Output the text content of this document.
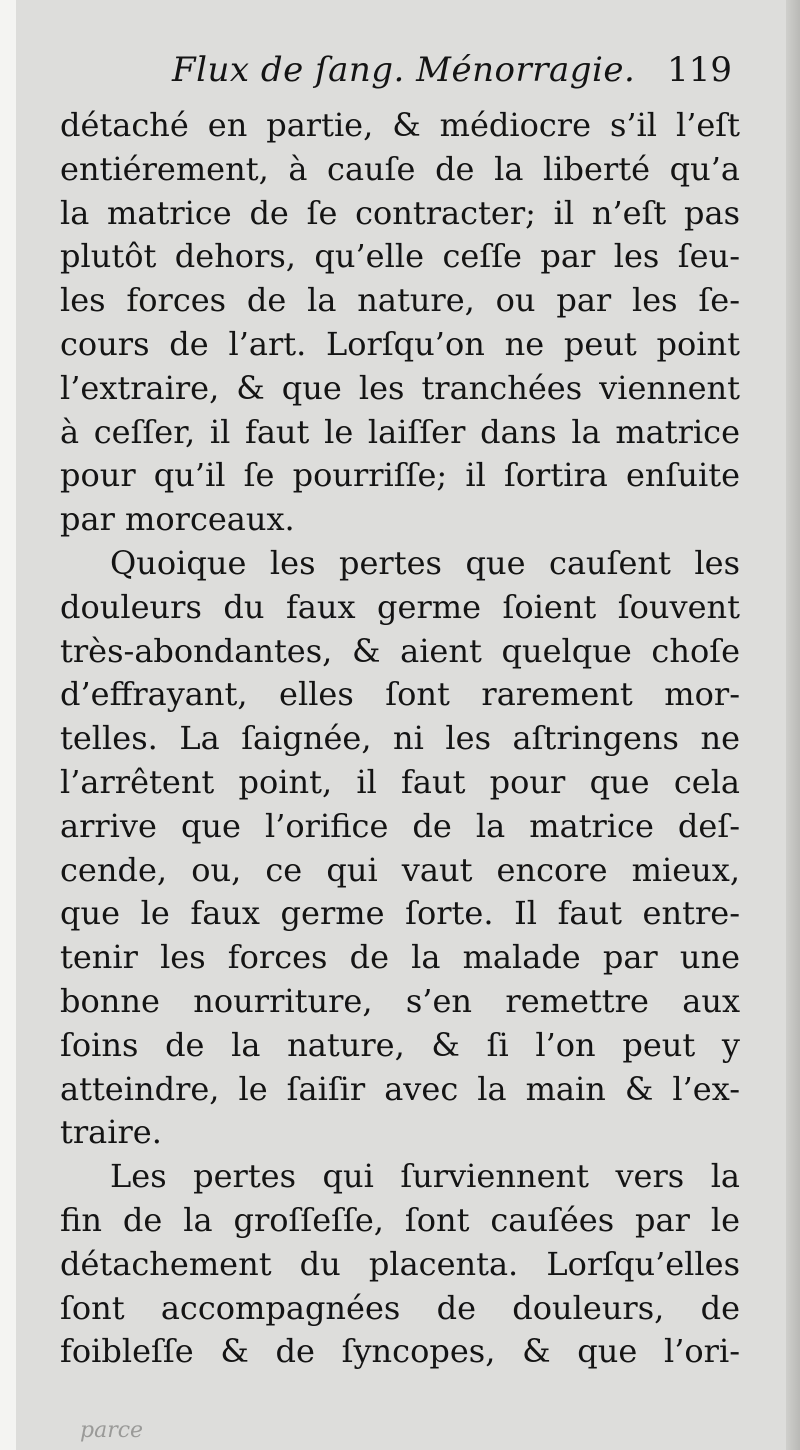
Flux de ſang. Ménorragie. 119
détaché en partie, & médiocre s’il l’eſt
entiérement, à cauſe de la liberté qu’a
la matrice de ſe contracter; il n’eſt pas
plutôt dehors, qu’elle ceſſe par les ſeu-
les forces de la nature, ou par les ſe-
cours de l’art. Lorſqu’on ne peut point
l’extraire, & que les tranchées viennent
à ceſſer, il faut le laiſſer dans la matrice
pour qu’il ſe pourriſſe; il ſortira enſuite
par morceaux.
Quoique les pertes que cauſent les
douleurs du faux germe ſoient ſouvent
très-abondantes, & aient quelque choſe
d’effrayant, elles ſont rarement mor-
telles. La ſaignée, ni les aſtringens ne
l’arrêtent point, il faut pour que cela
arrive que l’orifice de la matrice deſ-
cende, ou, ce qui vaut encore mieux,
que le faux germe ſorte. Il faut entre-
tenir les forces de la malade par une
bonne nourriture, s’en remettre aux
ſoins de la nature, & ſi l’on peut y
atteindre, le ſaiſir avec la main & l’ex-
traire.
Les pertes qui ſurviennent vers la
fin de la groſſeſſe, ſont cauſées par le
détachement du placenta. Lorſqu’elles
ſont accompagnées de douleurs, de
foibleſſe & de ſyncopes, & que l’ori-
parce
